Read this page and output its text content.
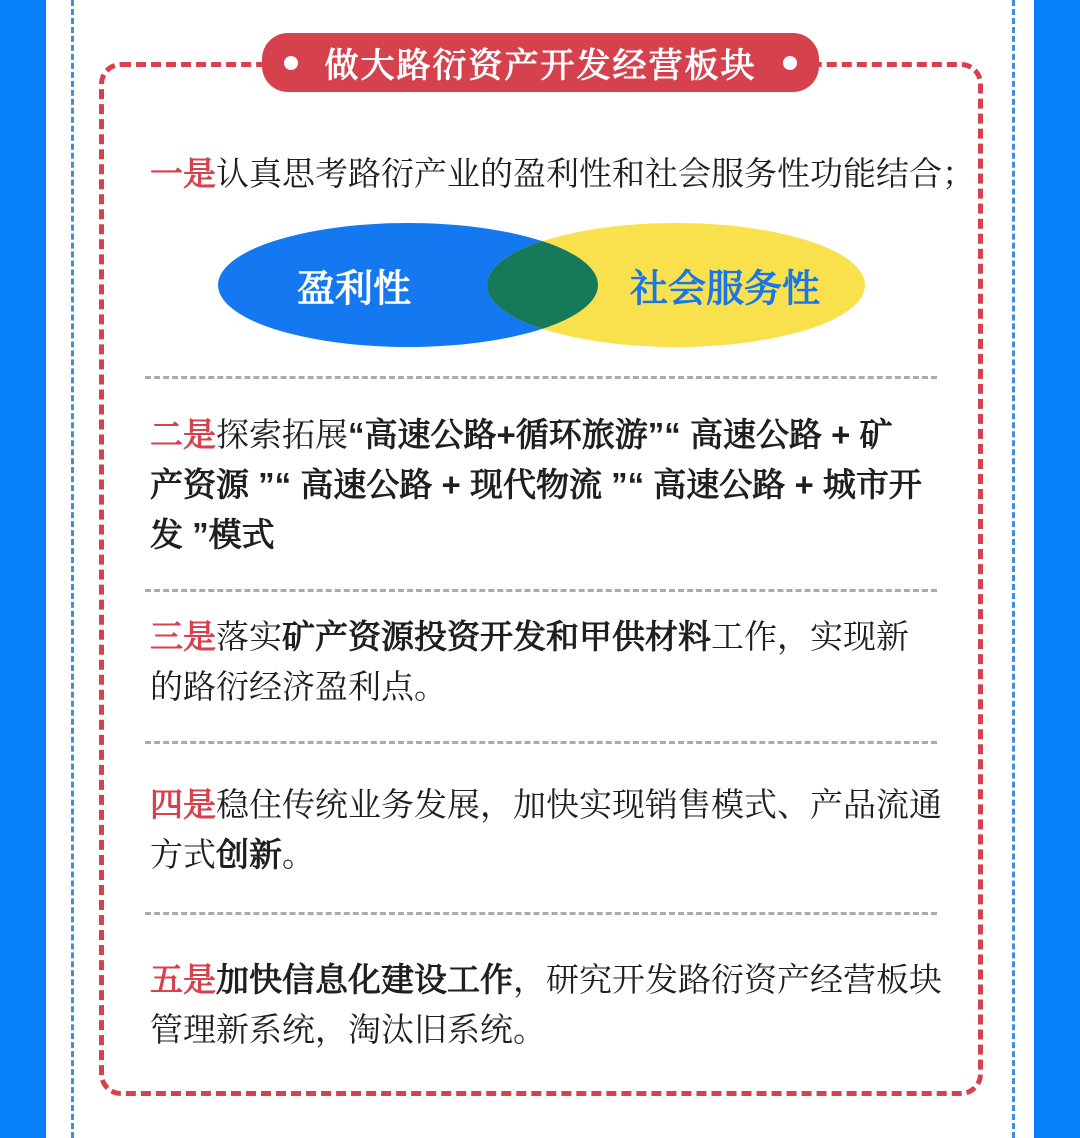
做大路衍资产开发经营板块
一是认真思考路衍产业的盈利性和社会服务性功能结合；
盈利性	社会服务性
二是探索拓展“高速公路+循环旅游”“ 高速公路 + 矿
产资源 ”“ 高速公路 + 现代物流 ”“ 高速公路 + 城市开
发 ”模式
三是落实矿产资源投资开发和甲供材料工作，实现新
的路衍经济盈利点。
四是稳住传统业务发展，加快实现销售模式、产品流通
方式创新。
五是加快信息化建设工作，研究开发路衍资产经营板块
管理新系统，淘汰旧系统。
